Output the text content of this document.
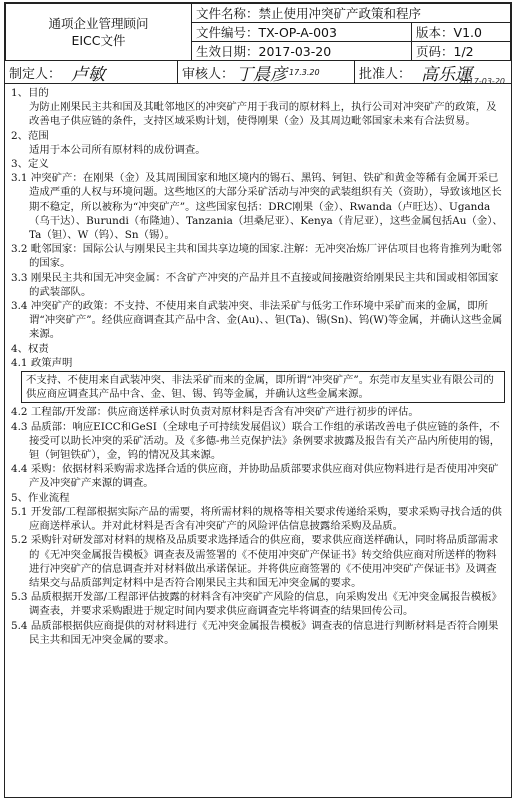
通项企业管理顾问
EICC文件	文件名称：禁止使用冲突矿产政策和程序	
	文件编号：TX-OP-A-003	版本：V1.0
	生效日期：2017-03-20	页码：1/2
制定人： 卢敏	审核人： 丁晨彦 17.3.20	批准人： 高乐運
2017-03-20

1、目的

为防止刚果民主共和国及其毗邻地区的冲突矿产用于我司的原材料上，执行公司对冲突矿产的政策，及改善电子供应链的条件，支持区域采购计划，使得刚果（金）及其周边毗邻国家未来有合法贸易。

2、范围

适用于本公司所有原材料的成份调查。

3、定义

3.1 冲突矿产：在刚果（金）及其周围国家和地区境内的锡石、黑钨、钶钽、铁矿和黄金等稀有金属开采已造成严重的人权与环境问题。这些地区的大部分采矿活动与冲突的武装组织有关（资助），导致该地区长期不稳定，所以被称为“冲突矿产”。这些国家包括：DRC刚果（金）、Rwanda（卢旺达）、Uganda（乌干达）、Burundi（布隆迪）、Tanzania（坦桑尼亚）、Kenya（肯尼亚），这些金属包括Au（金）、Ta（钽）、W（钨）、Sn（锡）。

3.2 毗邻国家：国际公认与刚果民主共和国共享边境的国家.注解：无冲突冶炼厂评估项目也将肯推列为毗邻的国家。

3.3 刚果民主共和国无冲突金属：不含矿产冲突的产品并且不直接或间接融资给刚果民主共和国或相邻国家的武装部队。

3.4 冲突矿产的政策：不支持、不使用来自武装冲突、非法采矿与低劣工作环境中采矿而来的金属，即所谓“冲突矿产”。经供应商调查其产品中含、金(Au)、、钽(Ta)、锡(Sn)、钨(W)等金属，并确认这些金属来源。

4、权责

4.1 政策声明

不支持、不使用来自武装冲突、非法采矿而来的金属，即所谓“冲突矿产”。东莞市友星实业有限公司的供应商应调查其产品中含、金、钽、锡、钨等金属，并确认这些金属来源。

4.2 工程部/开发部：供应商送样承认时负责对原材料是否含有冲突矿产进行初步的评估。

4.3 品质部：响应EICC和GeSI（全球电子可持续发展倡议）联合工作组的承诺改善电子供应链的条件，不接受可以助长冲突的采矿活动。及《多德-弗兰克保护法》条例要求披露及报告有关产品内所使用的锡，钽（钶钽铁矿），金，钨的情况及其来源。

4.4 采购：依据材料采购需求选择合适的供应商，并协助品质部要求供应商对供应物料进行是否使用冲突矿产及冲突矿产来源的调查。

5、作业流程

5.1 开发部/工程部根据实际产品的需要，将所需材料的规格等相关要求传递给采购，要求采购寻找合适的供应商送样承认。并对此材料是否含有冲突矿产的风险评估信息披露给采购及品质。

5.2 采购针对研发部对材料的规格及品质要求选择适合的供应商，要求供应商送样确认，同时将品质部需求的《无冲突金属报告模板》调查表及需签署的《不使用冲突矿产保证书》转交给供应商对所送样的物料进行冲突矿产的信息调查并对材料做出承诺保证。并将供应商签署的《不使用冲突矿产保证书》及调查结果交与品质部判定材料中是否符合刚果民主共和国无冲突金属的要求。

5.3 品质根据开发部/工程部评估披露的材料含有冲突矿产风险的信息，向采购发出《无冲突金属报告模板》调查表，并要求采购跟进于规定时间内要求供应商调查完毕将调查的结果回传公司。

5.4 品质部根据供应商提供的对材料进行《无冲突金属报告模板》调查表的信息进行判断材料是否符合刚果民主共和国无冲突金属的要求。
